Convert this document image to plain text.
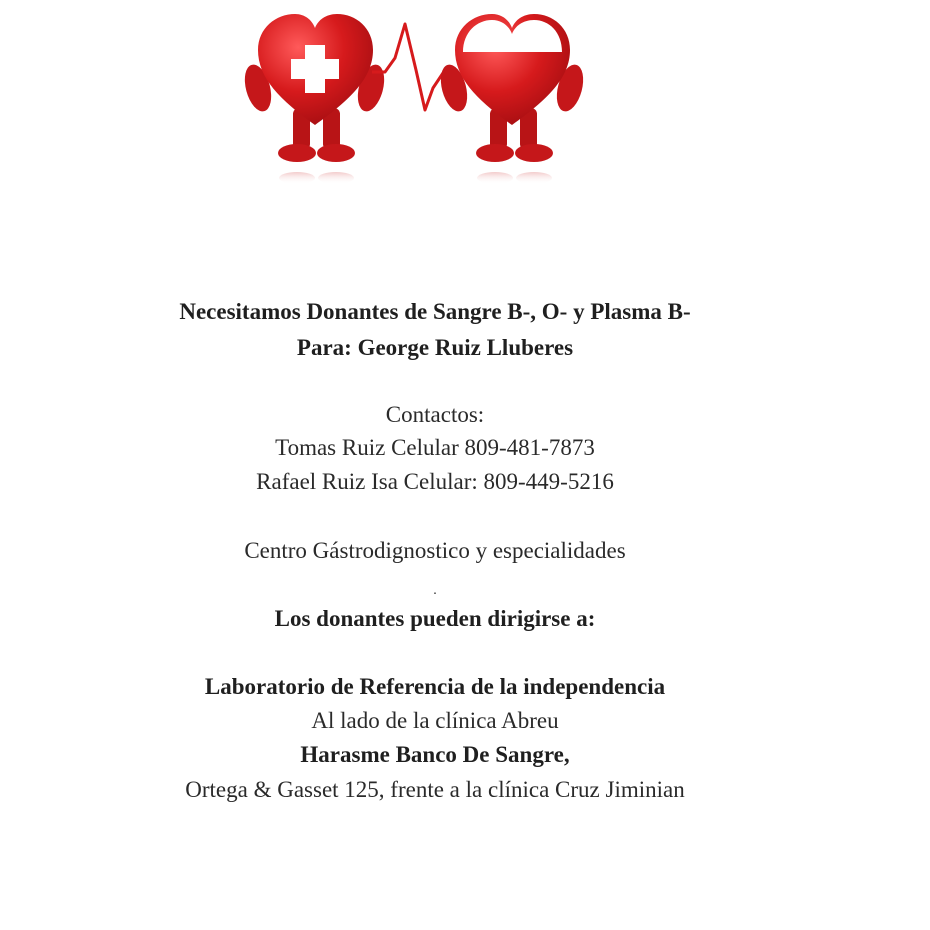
Necesitamos Donantes de Sangre B-, O- y Plasma B-
Para: George Ruiz Lluberes
Contactos:
Tomas Ruiz Celular 809-481-7873
Rafael Ruiz Isa Celular: 809-449-5216
Centro Gástrodignostico y especialidades
.
Los donantes pueden dirigirse a:
Laboratorio de Referencia de la independencia
Al lado de la clínica Abreu
Harasme Banco De Sangre,
Ortega & Gasset 125, frente a la clínica Cruz Jiminian
